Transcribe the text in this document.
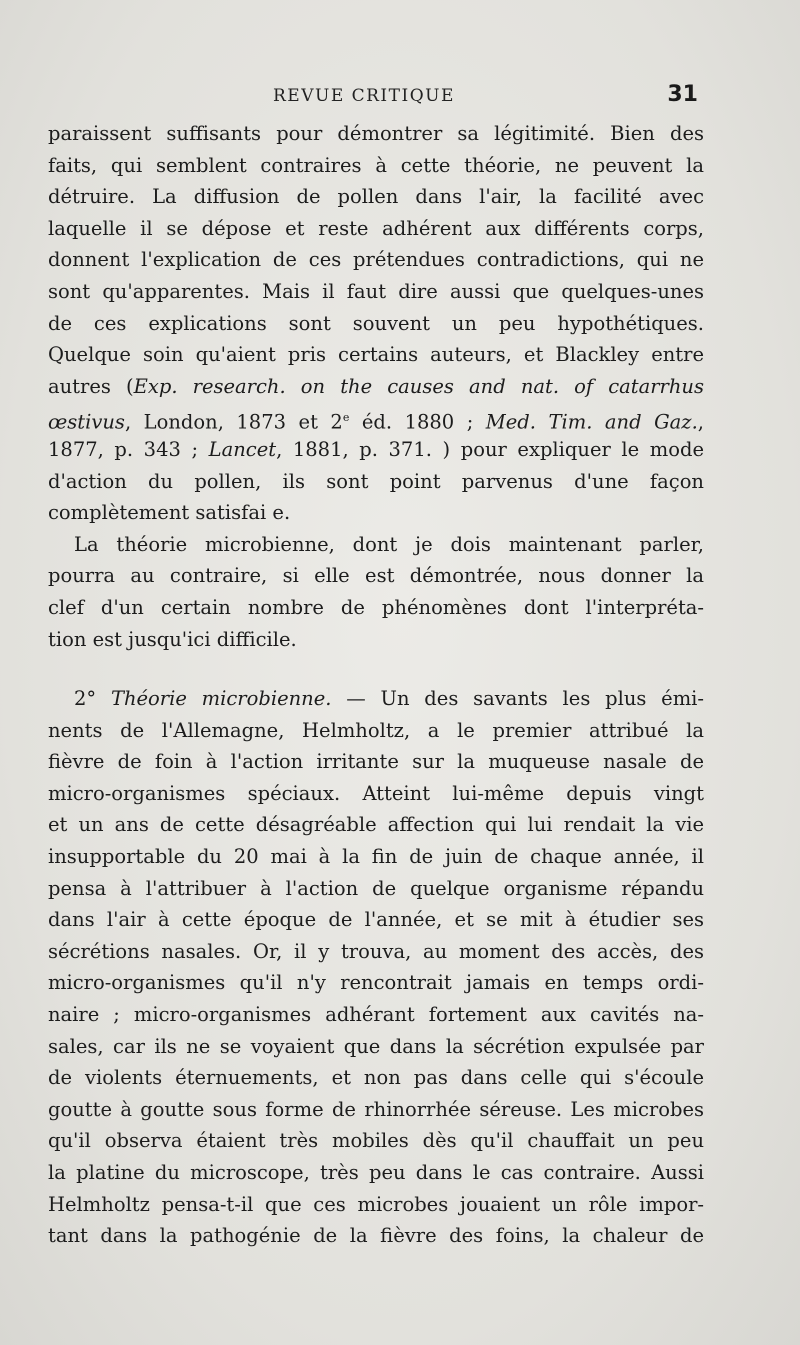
REVUE CRITIQUE	31
paraissent suffisants pour démontrer sa légitimité. Bien des
faits, qui semblent contraires à cette théorie, ne peuvent la
détruire. La diffusion de pollen dans l'air, la facilité avec
laquelle il se dépose et reste adhérent aux différents corps,
donnent l'explication de ces prétendues contradictions, qui ne
sont qu'apparentes. Mais il faut dire aussi que quelques-unes
de ces explications sont souvent un peu hypothétiques.
Quelque soin qu'aient pris certains auteurs, et Blackley entre
autres (Exp. research. on the causes and nat. of catarrhus
œstivus, London, 1873 et 2e éd. 1880 ; Med. Tim. and Gaz.,
1877, p. 343 ; Lancet, 1881, p. 371. ) pour expliquer le mode
d'action du pollen, ils sont point parvenus d'une façon
complètement satisfai e.
La théorie microbienne, dont je dois maintenant parler,
pourra au contraire, si elle est démontrée, nous donner la
clef d'un certain nombre de phénomènes dont l'interpréta-
tion est jusqu'ici difficile.
2° Théorie microbienne. — Un des savants les plus émi-
nents de l'Allemagne, Helmholtz, a le premier attribué la
fièvre de foin à l'action irritante sur la muqueuse nasale de
micro-organismes spéciaux. Atteint lui-même depuis vingt
et un ans de cette désagréable affection qui lui rendait la vie
insupportable du 20 mai à la fin de juin de chaque année, il
pensa à l'attribuer à l'action de quelque organisme répandu
dans l'air à cette époque de l'année, et se mit à étudier ses
sécrétions nasales. Or, il y trouva, au moment des accès, des
micro-organismes qu'il n'y rencontrait jamais en temps ordi-
naire ; micro-organismes adhérant fortement aux cavités na-
sales, car ils ne se voyaient que dans la sécrétion expulsée par
de violents éternuements, et non pas dans celle qui s'écoule
goutte à goutte sous forme de rhinorrhée séreuse. Les microbes
qu'il observa étaient très mobiles dès qu'il chauffait un peu
la platine du microscope, très peu dans le cas contraire. Aussi
Helmholtz pensa-t-il que ces microbes jouaient un rôle impor-
tant dans la pathogénie de la fièvre des foins, la chaleur de
